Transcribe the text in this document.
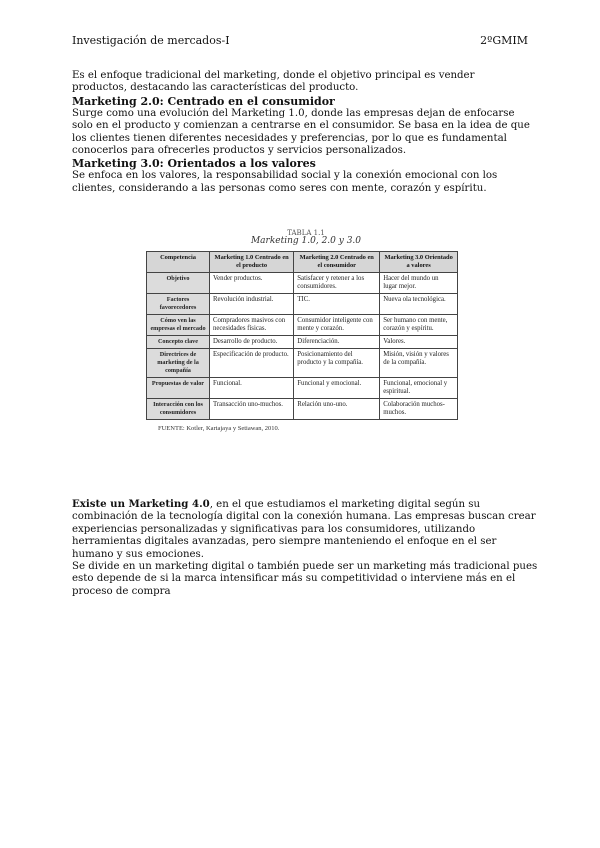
Investigación de mercados-I	2ºGMIM

Es el enfoque tradicional del marketing, donde el objetivo principal es vender productos, destacando las características del producto.

Marketing 2.0: Centrado en el consumidor

Surge como una evolución del Marketing 1.0, donde las empresas dejan de enfocarse solo en el producto y comienzan a centrarse en el consumidor. Se basa en la idea de que los clientes tienen diferentes necesidades y preferencias, por lo que es fundamental conocerlos para ofrecerles productos y servicios personalizados.

Marketing 3.0: Orientados a los valores

Se enfoca en los valores, la responsabilidad social y la conexión emocional con los clientes, considerando a las personas como seres con mente, corazón y espíritu.

TABLA 1.1
Marketing 1.0, 2.0 y 3.0
Competencia	Marketing 1.0 Centrado en el producto	Marketing 2.0 Centrado en el consumidor	Marketing 3.0 Orientado a valores
Objetivo	Vender productos.	Satisfacer y retener a los consumidores.	Hacer del mundo un lugar mejor.
Factores favorecedores	Revolución industrial.	TIC.	Nueva ola tecnológica.
Cómo ven las empresas el mercado	Compradores masivos con necesidades físicas.	Consumidor inteligente con mente y corazón.	Ser humano con mente, corazón y espíritu.
Concepto clave	Desarrollo de producto.	Diferenciación.	Valores.
Directrices de marketing de la compañía	Especificación de producto.	Posicionamiento del producto y la compañía.	Misión, visión y valores de la compañía.
Propuestas de valor	Funcional.	Funcional y emocional.	Funcional, emocional y espiritual.
Interacción con los consumidores	Transacción uno-muchos.	Relación uno-uno.	Colaboración muchos-muchos.
FUENTE: Kotler, Kartajaya y Setiawan, 2010.

Existe un Marketing 4.0, en el que estudiamos el marketing digital según su combinación de la tecnología digital con la conexión humana. Las empresas buscan crear experiencias personalizadas y significativas para los consumidores, utilizando herramientas digitales avanzadas, pero siempre manteniendo el enfoque en el ser humano y sus emociones.

Se divide en un marketing digital o también puede ser un marketing más tradicional pues esto depende de si la marca intensificar más su competitividad o interviene más en el proceso de compra
